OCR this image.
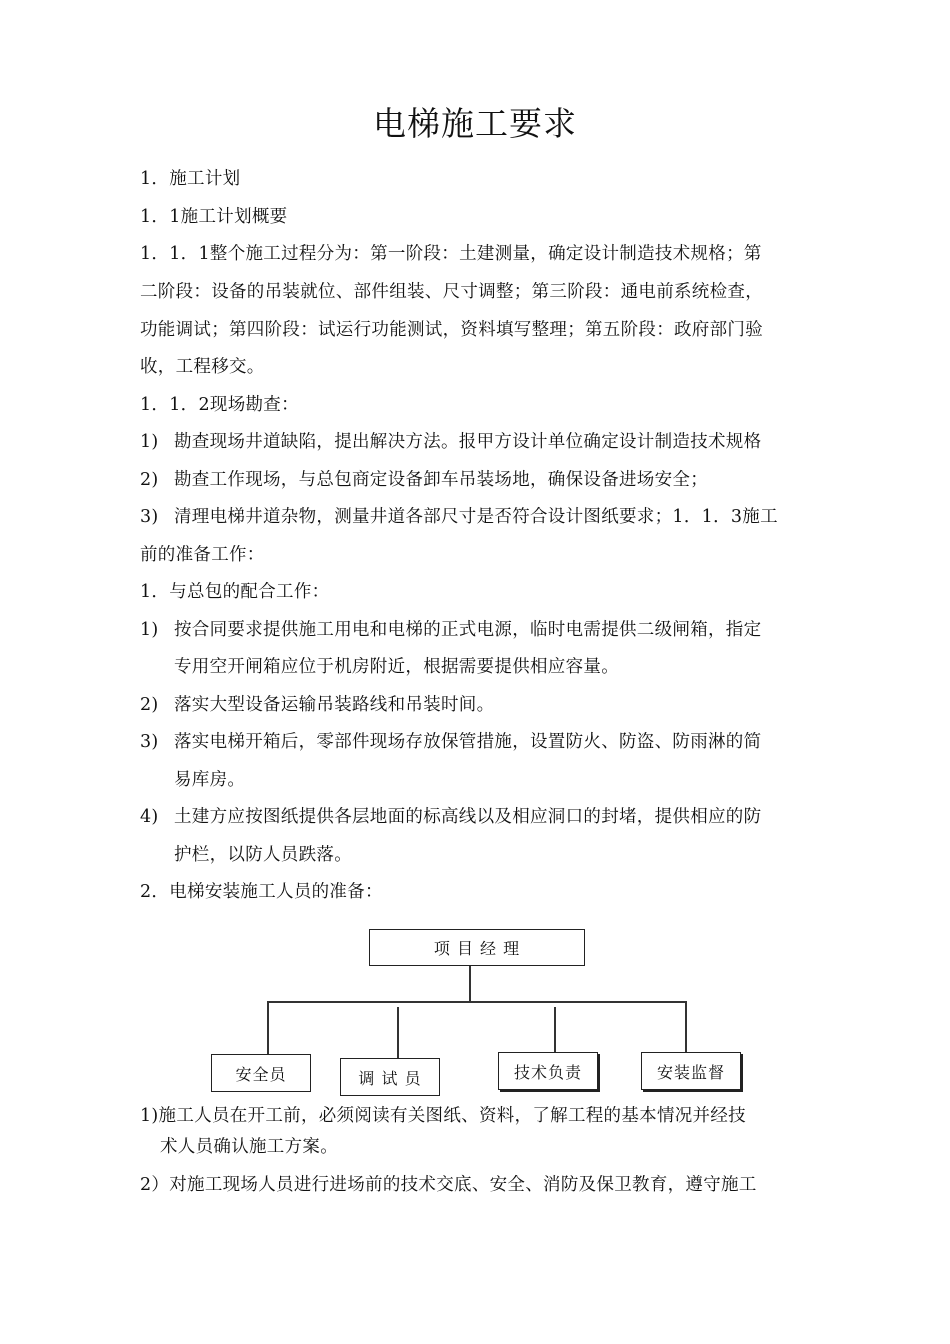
电梯施工要求
1．施工计划
1．1施工计划概要
1．1．1整个施工过程分为：第一阶段：土建测量，确定设计制造技术规格；第
二阶段：设备的吊装就位、部件组装、尺寸调整；第三阶段：通电前系统检查，
功能调试；第四阶段：试运行功能测试，资料填写整理；第五阶段：政府部门验
收，工程移交。
1．1．2现场勘查：
1) 勘查现场井道缺陷，提出解决方法。报甲方设计单位确定设计制造技术规格
2) 勘查工作现场，与总包商定设备卸车吊装场地，确保设备进场安全；
3) 清理电梯井道杂物，测量井道各部尺寸是否符合设计图纸要求；1．1．3施工
前的准备工作：
1．与总包的配合工作：
1) 按合同要求提供施工用电和电梯的正式电源，临时电需提供二级闸箱，指定
专用空开闸箱应位于机房附近，根据需要提供相应容量。
2) 落实大型设备运输吊装路线和吊装时间。
3) 落实电梯开箱后，零部件现场存放保管措施，设置防火、防盗、防雨淋的简
易库房。
4) 土建方应按图纸提供各层地面的标高线以及相应洞口的封堵，提供相应的防
护栏，以防人员跌落。
2．电梯安装施工人员的准备：
项 目 经 理
安全员	调 试 员	技术负责	安装监督
1)施工人员在开工前，必须阅读有关图纸、资料，了解工程的基本情况并经技
术人员确认施工方案。
2）对施工现场人员进行进场前的技术交底、安全、消防及保卫教育，遵守施工
